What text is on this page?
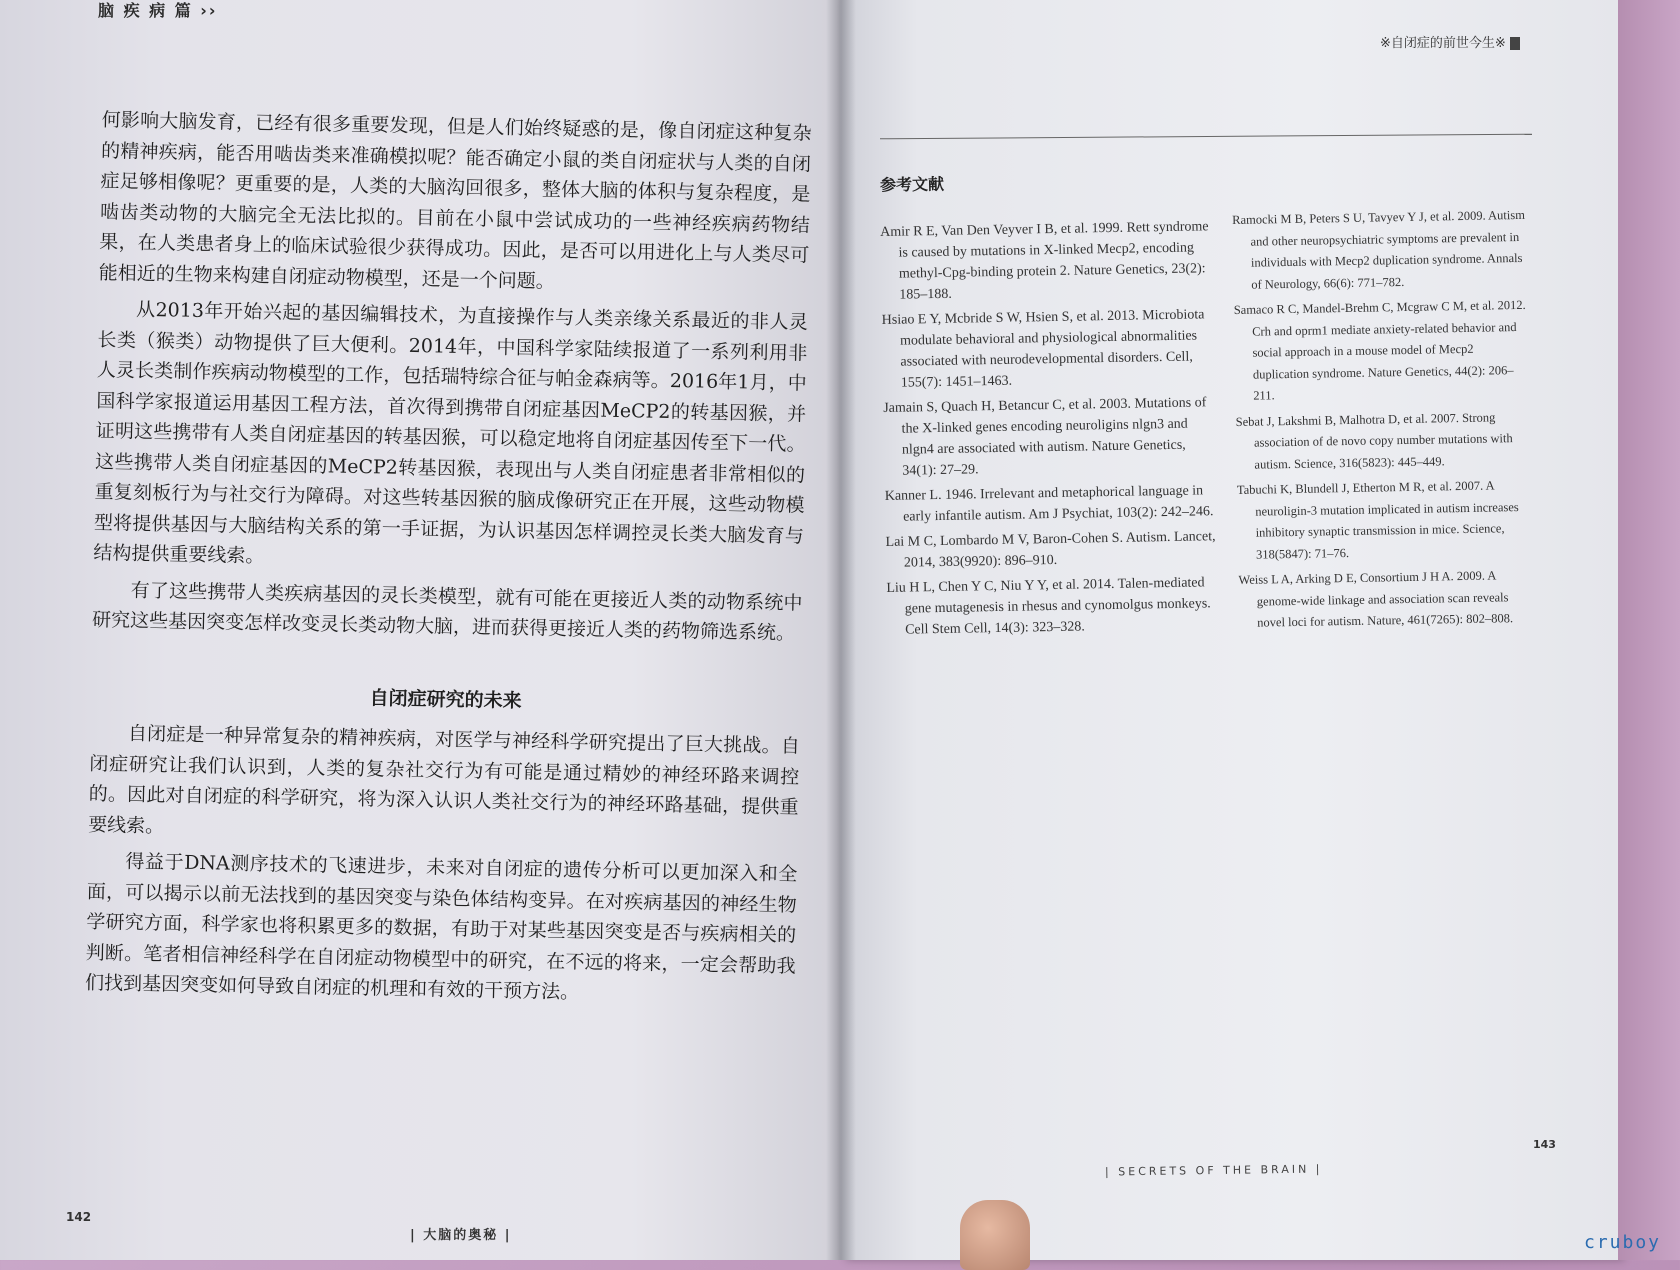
脑 疾 病 篇 ››

何影响大脑发育，已经有很多重要发现，但是人们始终疑惑的是，像自闭症这种复杂的精神疾病，能否用啮齿类来准确模拟呢？能否确定小鼠的类自闭症状与人类的自闭症足够相像呢？更重要的是，人类的大脑沟回很多，整体大脑的体积与复杂程度，是啮齿类动物的大脑完全无法比拟的。目前在小鼠中尝试成功的一些神经疾病药物结果，在人类患者身上的临床试验很少获得成功。因此，是否可以用进化上与人类尽可能相近的生物来构建自闭症动物模型，还是一个问题。

从2013年开始兴起的基因编辑技术，为直接操作与人类亲缘关系最近的非人灵长类（猴类）动物提供了巨大便利。2014年，中国科学家陆续报道了一系列利用非人灵长类制作疾病动物模型的工作，包括瑞特综合征与帕金森病等。2016年1月，中国科学家报道运用基因工程方法，首次得到携带自闭症基因MeCP2的转基因猴，并证明这些携带有人类自闭症基因的转基因猴，可以稳定地将自闭症基因传至下一代。这些携带人类自闭症基因的MeCP2转基因猴，表现出与人类自闭症患者非常相似的重复刻板行为与社交行为障碍。对这些转基因猴的脑成像研究正在开展，这些动物模型将提供基因与大脑结构关系的第一手证据，为认识基因怎样调控灵长类大脑发育与结构提供重要线索。

有了这些携带人类疾病基因的灵长类模型，就有可能在更接近人类的动物系统中研究这些基因突变怎样改变灵长类动物大脑，进而获得更接近人类的药物筛选系统。

自闭症研究的未来

自闭症是一种异常复杂的精神疾病，对医学与神经科学研究提出了巨大挑战。自闭症研究让我们认识到，人类的复杂社交行为有可能是通过精妙的神经环路来调控的。因此对自闭症的科学研究，将为深入认识人类社交行为的神经环路基础，提供重要线索。

得益于DNA测序技术的飞速进步，未来对自闭症的遗传分析可以更加深入和全面，可以揭示以前无法找到的基因突变与染色体结构变异。在对疾病基因的神经生物学研究方面，科学家也将积累更多的数据，有助于对某些基因突变是否与疾病相关的判断。笔者相信神经科学在自闭症动物模型中的研究，在不远的将来，一定会帮助我们找到基因突变如何导致自闭症的机理和有效的干预方法。

142
| 大脑的奥秘 |
※自闭症的前世今生※
参考文献

Amir R E, Van Den Veyver I B, et al. 1999. Rett syndrome is caused by mutations in X-linked Mecp2, encoding methyl-Cpg-binding protein 2. Nature Genetics, 23(2): 185–188.

Hsiao E Y, Mcbride S W, Hsien S, et al. 2013. Microbiota modulate behavioral and physiological abnormalities associated with neurodevelopmental disorders. Cell, 155(7): 1451–1463.

Jamain S, Quach H, Betancur C, et al. 2003. Mutations of the X-linked genes encoding neuroligins nlgn3 and nlgn4 are associated with autism. Nature Genetics, 34(1): 27–29.

Kanner L. 1946. Irrelevant and metaphorical language in early infantile autism. Am J Psychiat, 103(2): 242–246.

Lai M C, Lombardo M V, Baron-Cohen S. Autism. Lancet, 2014, 383(9920): 896–910.

Liu H L, Chen Y C, Niu Y Y, et al. 2014. Talen-mediated gene mutagenesis in rhesus and cynomolgus monkeys. Cell Stem Cell, 14(3): 323–328.

Ramocki M B, Peters S U, Tavyev Y J, et al. 2009. Autism and other neuropsychiatric symptoms are prevalent in individuals with Mecp2 duplication syndrome. Annals of Neurology, 66(6): 771–782.

Samaco R C, Mandel-Brehm C, Mcgraw C M, et al. 2012. Crh and oprm1 mediate anxiety-related behavior and social approach in a mouse model of Mecp2 duplication syndrome. Nature Genetics, 44(2): 206–211.

Sebat J, Lakshmi B, Malhotra D, et al. 2007. Strong association of de novo copy number mutations with autism. Science, 316(5823): 445–449.

Tabuchi K, Blundell J, Etherton M R, et al. 2007. A neuroligin-3 mutation implicated in autism increases inhibitory synaptic transmission in mice. Science, 318(5847): 71–76.

Weiss L A, Arking D E, Consortium J H A. 2009. A genome-wide linkage and association scan reveals novel loci for autism. Nature, 461(7265): 802–808.

143
| SECRETS OF THE BRAIN |
cruboy
